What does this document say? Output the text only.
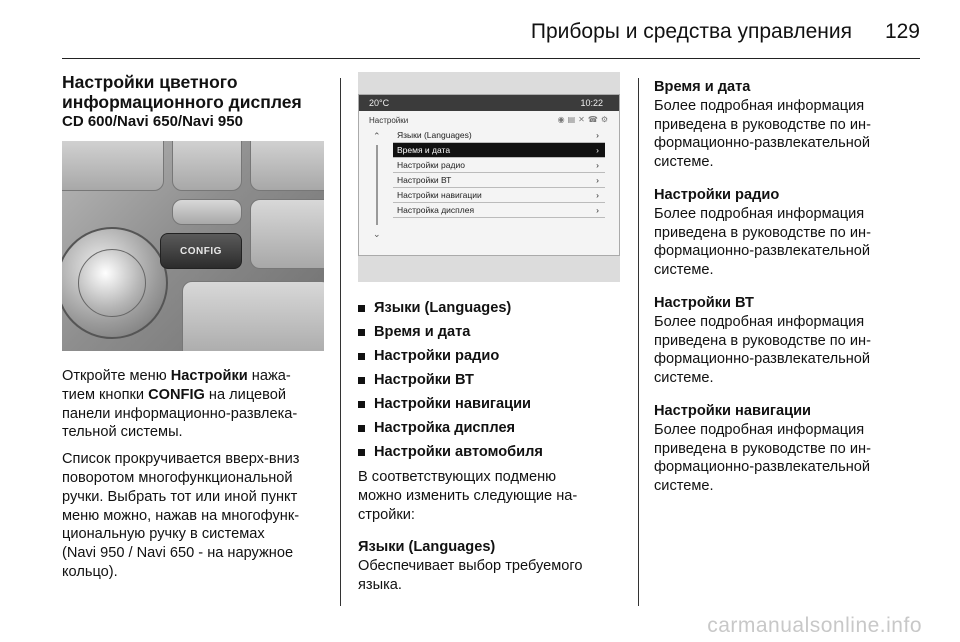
Приборы и средства управления 129
Настройки цветного
информационного дисплея
CD 600/Navi 650/Navi 950
CONFIG
Откройте меню Настройки нажа-
тием кнопки CONFIG на лицевой
панели информационно-развлека-
тельной системы.
Список прокручивается вверх-вниз
поворотом многофункциональной
ручки. Выбрать тот или иной пункт
меню можно, нажав на многофунк-
циональную ручку в системах
(Navi 950 / Navi 650 - на наружное
кольцо).
20°C	10:22
Настройки	◉▤✕☎⚙
⌃
⌄
Языки (Languages)	›
Время и дата	›
Настройки радио	›
Настройки ВТ	›
Настройки навигации	›
Настройка дисплея	›
Языки (Languages)
Время и дата
Настройки радио
Настройки ВТ
Настройки навигации
Настройка дисплея
Настройки автомобиля
В соответствующих подменю
можно изменить следующие на-
стройки:
Языки (Languages)
Обеспечивает выбор требуемого
языка.
Время и дата
Более подробная информация
приведена в руководстве по ин-
формационно-развлекательной
системе.
Настройки радио
Более подробная информация
приведена в руководстве по ин-
формационно-развлекательной
системе.
Настройки ВТ
Более подробная информация
приведена в руководстве по ин-
формационно-развлекательной
системе.
Настройки навигации
Более подробная информация
приведена в руководстве по ин-
формационно-развлекательной
системе.
carmanualsonline.info
